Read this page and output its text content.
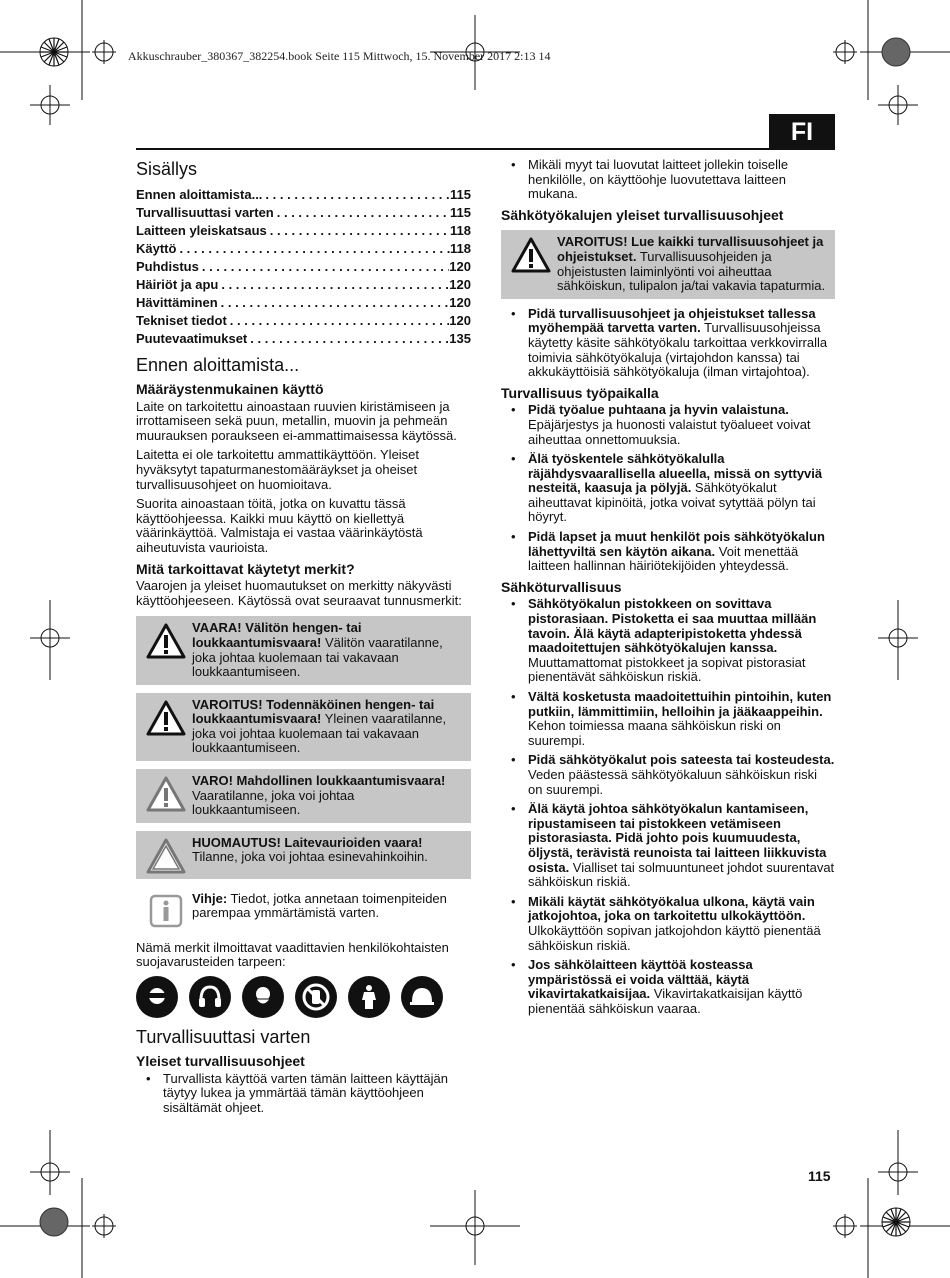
Akkuschrauber_380367_382254.book Seite 115 Mittwoch, 15. November 2017 2:13 14
FI
Sisällys
Ennen aloittamista... . . .	115
Turvallisuuttasi varten . . .	115
Laitteen yleiskatsaus . . .	118
Käyttö . . .	118
Puhdistus . . .	120
Häiriöt ja apu . . .	120
Hävittäminen . . .	120
Tekniset tiedot . . .	120
Puutevaatimukset . . .	135
Ennen aloittamista...
Määräystenmukainen käyttö

Laite on tarkoitettu ainoastaan ruuvien kiristämiseen ja irrottamiseen sekä puun, metallin, muovin ja pehmeän muurauksen poraukseen ei-ammattimaisessa käytössä.

Laitetta ei ole tarkoitettu ammattikäyttöön. Yleiset hyväksytyt tapaturmanestomääräykset ja oheiset turvallisuusohjeet on huomioitava.

Suorita ainoastaan töitä, jotka on kuvattu tässä käyttöohjeessa. Kaikki muu käyttö on kiellettyä väärinkäyttöä. Valmistaja ei vastaa väärinkäytöstä aiheutuvista vaurioista.

Mitä tarkoittavat käytetyt merkit?

Vaarojen ja yleiset huomautukset on merkitty näkyvästi käyttöohjeeseen. Käytössä ovat seuraavat tunnusmerkit:

VAARA! Välitön hengen- tai loukkaantumisvaara! Välitön vaaratilanne, joka johtaa kuolemaan tai vakavaan loukkaantumiseen.
VAROITUS! Todennäköinen hengen- tai loukkaantumisvaara! Yleinen vaaratilanne, joka voi johtaa kuolemaan tai vakavaan loukkaantumiseen.
VARO! Mahdollinen loukkaantumisvaara! Vaaratilanne, joka voi johtaa loukkaantumiseen.
HUOMAUTUS! Laitevaurioiden vaara! Tilanne, joka voi johtaa esinevahinkoihin.
Vihje: Tiedot, jotka annetaan toimenpiteiden parempaa ymmärtämistä varten.

Nämä merkit ilmoittavat vaadittavien henkilökohtaisten suojavarusteiden tarpeen:

Turvallisuuttasi varten
Yleiset turvallisuusohjeet
• Turvallista käyttöä varten tämän laitteen käyttäjän täytyy lukea ja ymmärtää tämän käyttöohjeen sisältämät ohjeet.
• Mikäli myyt tai luovutat laitteet jollekin toiselle henkilölle, on käyttöohje luovutettava laitteen mukana.
Sähkötyökalujen yleiset turvallisuusohjeet
VAROITUS! Lue kaikki turvallisuusohjeet ja ohjeistukset. Turvallisuusohjeiden ja ohjeistusten laiminlyönti voi aiheuttaa sähköiskun, tulipalon ja/tai vakavia tapaturmia.
• Pidä turvallisuusohjeet ja ohjeistukset tallessa myöhempää tarvetta varten. Turvallisuusohjeissa käytetty käsite sähkötyökalu tarkoittaa verkkovirralla toimivia sähkötyökaluja (virtajohdon kanssa) tai akkukäyttöisiä sähkötyökaluja (ilman virtajohtoa).
Turvallisuus työpaikalla
• Pidä työalue puhtaana ja hyvin valaistuna. Epäjärjestys ja huonosti valaistut työalueet voivat aiheuttaa onnettomuuksia.
• Älä työskentele sähkötyökalulla räjähdysvaarallisella alueella, missä on syttyviä nesteitä, kaasuja ja pölyjä. Sähkötyökalut aiheuttavat kipinöitä, jotka voivat sytyttää pölyn tai höyryt.
• Pidä lapset ja muut henkilöt pois sähkötyökalun lähettyviltä sen käytön aikana. Voit menettää laitteen hallinnan häiriötekijöiden yhteydessä.
Sähköturvallisuus
• Sähkötyökalun pistokkeen on sovittava pistorasiaan. Pistoketta ei saa muuttaa millään tavoin. Älä käytä adapteripistoketta yhdessä maadoitettujen sähkötyökalujen kanssa. Muuttamattomat pistokkeet ja sopivat pistorasiat pienentävät sähköiskun riskiä.
• Vältä kosketusta maadoitettuihin pintoihin, kuten putkiin, lämmittimiin, helloihin ja jääkaappeihin. Kehon toimiessa maana sähköiskun riski on suurempi.
• Pidä sähkötyökalut pois sateesta tai kosteudesta. Veden päästessä sähkötyökaluun sähköiskun riski on suurempi.
• Älä käytä johtoa sähkötyökalun kantamiseen, ripustamiseen tai pistokkeen vetämiseen pistorasiasta. Pidä johto pois kuumuudesta, öljystä, terävistä reunoista tai laitteen liikkuvista osista. Vialliset tai solmuuntuneet johdot suurentavat sähköiskun riskiä.
• Mikäli käytät sähkötyökalua ulkona, käytä vain jatkojohtoa, joka on tarkoitettu ulkokäyttöön. Ulkokäyttöön sopivan jatkojohdon käyttö pienentää sähköiskun riskiä.
• Jos sähkölaitteen käyttöä kosteassa ympäristössä ei voida välttää, käytä vikavirtakatkaisijaa. Vikavirtakatkaisijan käyttö pienentää sähköiskun vaaraa.
115
